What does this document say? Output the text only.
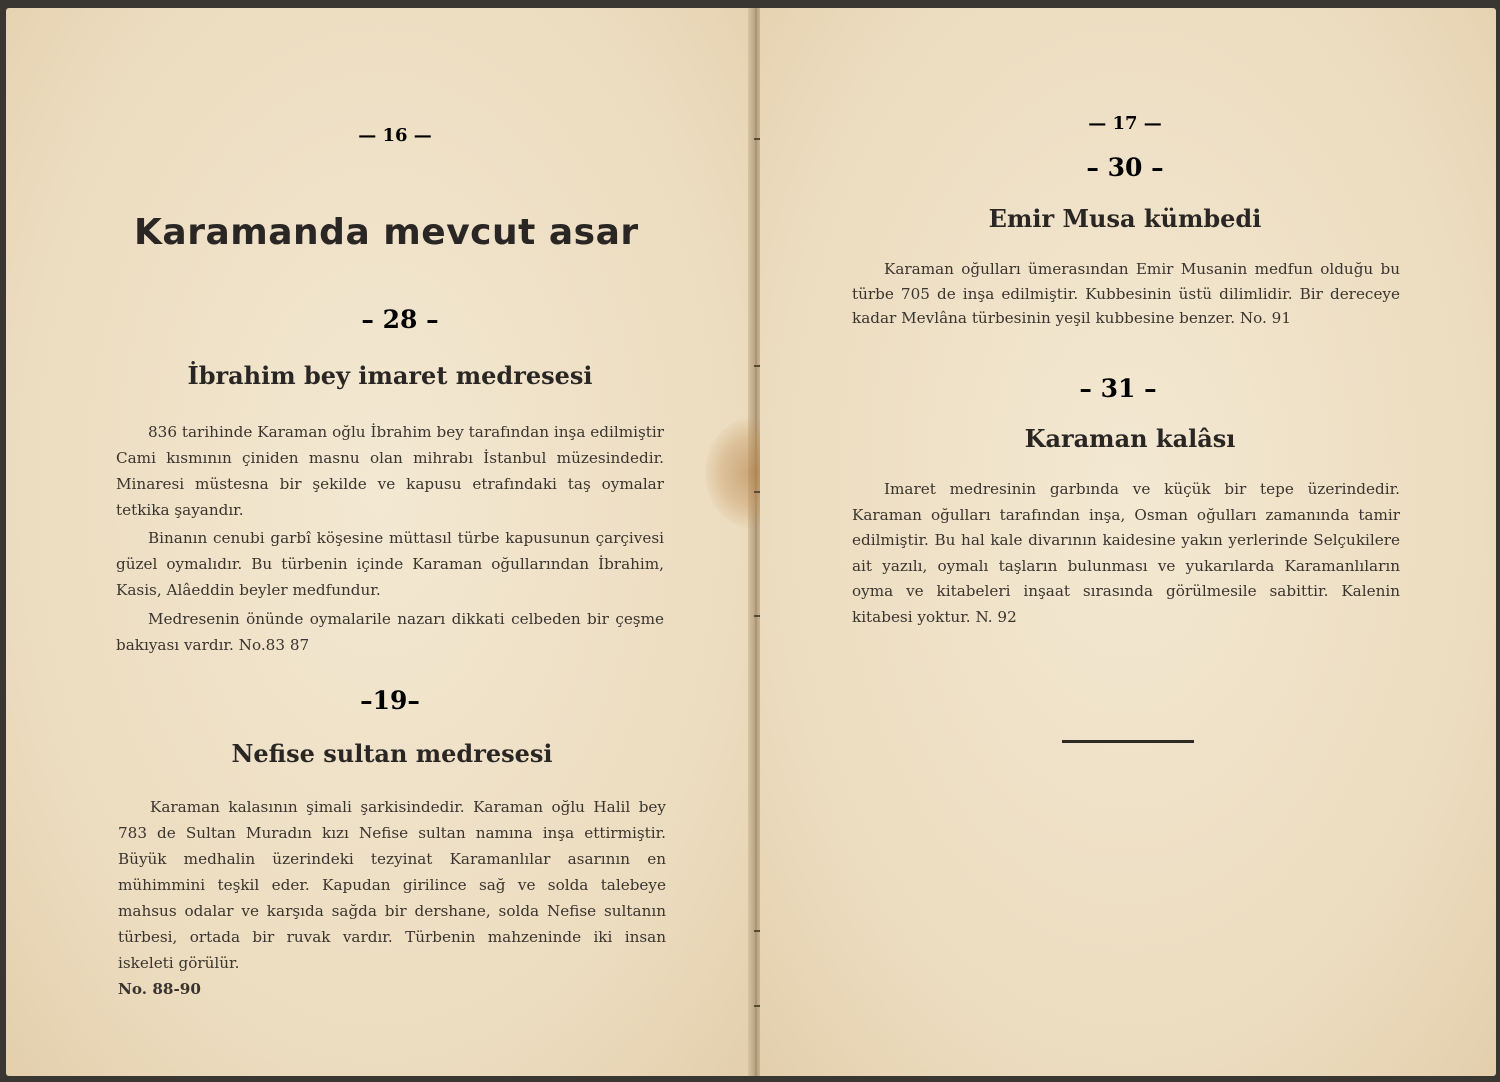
— 16 —
Karamanda mevcut asar
– 28 –
İbrahim bey imaret medresesi
836 tarihinde Karaman oğlu İbrahim bey tarafından inşa edilmiştir Cami kısmının çiniden masnu olan mihrabı İstanbul müzesindedir. Minaresi müstesna bir şekilde ve kapusu etrafındaki taş oymalar tetkika şayandır.
Binanın cenubi garbî köşesine müttasıl türbe kapusunun çarçivesi güzel oymalıdır. Bu türbenin içinde Karaman oğullarından İbrahim, Kasis, Alâeddin beyler medfundur.
Medresenin önünde oymalarile nazarı dikkati celbeden bir çeşme bakıyası vardır. No.83 87
–19–
Nefise sultan medresesi
Karaman kalasının şimali şarkisindedir. Karaman oğlu Halil bey 783 de Sultan Muradın kızı Nefise sultan namına inşa ettirmiştir. Büyük medhalin üzerindeki tezyinat Karamanlılar asarının en mühimmini teşkil eder. Kapudan girilince sağ ve solda talebeye mahsus odalar ve karşıda sağda bir dershane, solda Nefise sultanın türbesi, ortada bir ruvak vardır. Türbenin mahzeninde iki insan iskeleti görülür.
No. 88-90
— 17 —
– 30 –
Emir Musa kümbedi
Karaman oğulları ümerasından Emir Musanin medfun olduğu bu türbe 705 de inşa edilmiştir. Kubbesinin üstü dilimlidir. Bir dereceye kadar Mevlâna türbesinin yeşil kubbesine benzer. No. 91
– 31 –
Karaman kalâsı
Imaret medresinin garbında ve küçük bir tepe üzerindedir. Karaman oğulları tarafından inşa, Osman oğulları zamanında tamir edilmiştir. Bu hal kale divarının kaidesine yakın yerlerinde Selçukilere ait yazılı, oymalı taşların bulunması ve yukarılarda Karamanlıların oyma ve kitabeleri inşaat sırasında görülmesile sabittir. Kalenin kitabesi yoktur. N. 92
